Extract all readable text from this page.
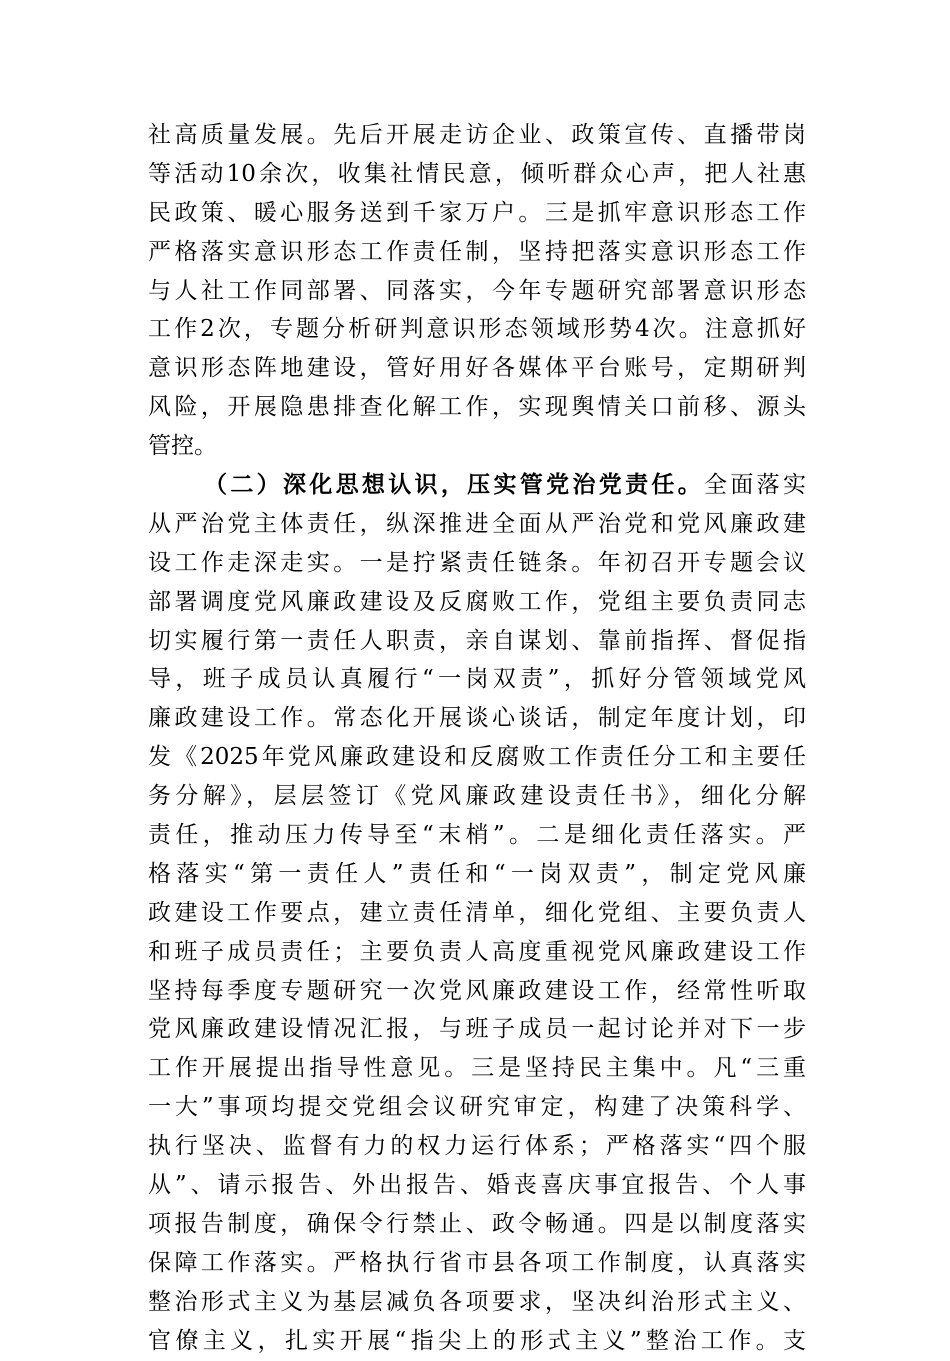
社高质量发展。先后开展走访企业、政策宣传、直播带岗
等活动10余次，收集社情民意，倾听群众心声，把人社惠
民政策、暖心服务送到千家万户。三是抓牢意识形态工作
严格落实意识形态工作责任制，坚持把落实意识形态工作
与人社工作同部署、同落实，今年专题研究部署意识形态
工作2次，专题分析研判意识形态领域形势4次。注意抓好
意识形态阵地建设，管好用好各媒体平台账号，定期研判
风险，开展隐患排查化解工作，实现舆情关口前移、源头
管控。
（二）深化思想认识，压实管党治党责任。全面落实
从严治党主体责任，纵深推进全面从严治党和党风廉政建
设工作走深走实。一是拧紧责任链条。年初召开专题会议
部署调度党风廉政建设及反腐败工作，党组主要负责同志
切实履行第一责任人职责，亲自谋划、靠前指挥、督促指
导，班子成员认真履行“一岗双责”，抓好分管领域党风
廉政建设工作。常态化开展谈心谈话，制定年度计划，印
发《2025年党风廉政建设和反腐败工作责任分工和主要任
务分解》，层层签订《党风廉政建设责任书》，细化分解
责任，推动压力传导至“末梢”。二是细化责任落实。严
格落实“第一责任人”责任和“一岗双责”，制定党风廉
政建设工作要点，建立责任清单，细化党组、主要负责人
和班子成员责任；主要负责人高度重视党风廉政建设工作
坚持每季度专题研究一次党风廉政建设工作，经常性听取
党风廉政建设情况汇报，与班子成员一起讨论并对下一步
工作开展提出指导性意见。三是坚持民主集中。凡“三重
一大”事项均提交党组会议研究审定，构建了决策科学、
执行坚决、监督有力的权力运行体系；严格落实“四个服
从”、请示报告、外出报告、婚丧喜庆事宜报告、个人事
项报告制度，确保令行禁止、政令畅通。四是以制度落实
保障工作落实。严格执行省市县各项工作制度，认真落实
整治形式主义为基层减负各项要求，坚决纠治形式主义、
官僚主义，扎实开展“指尖上的形式主义”整治工作。支
